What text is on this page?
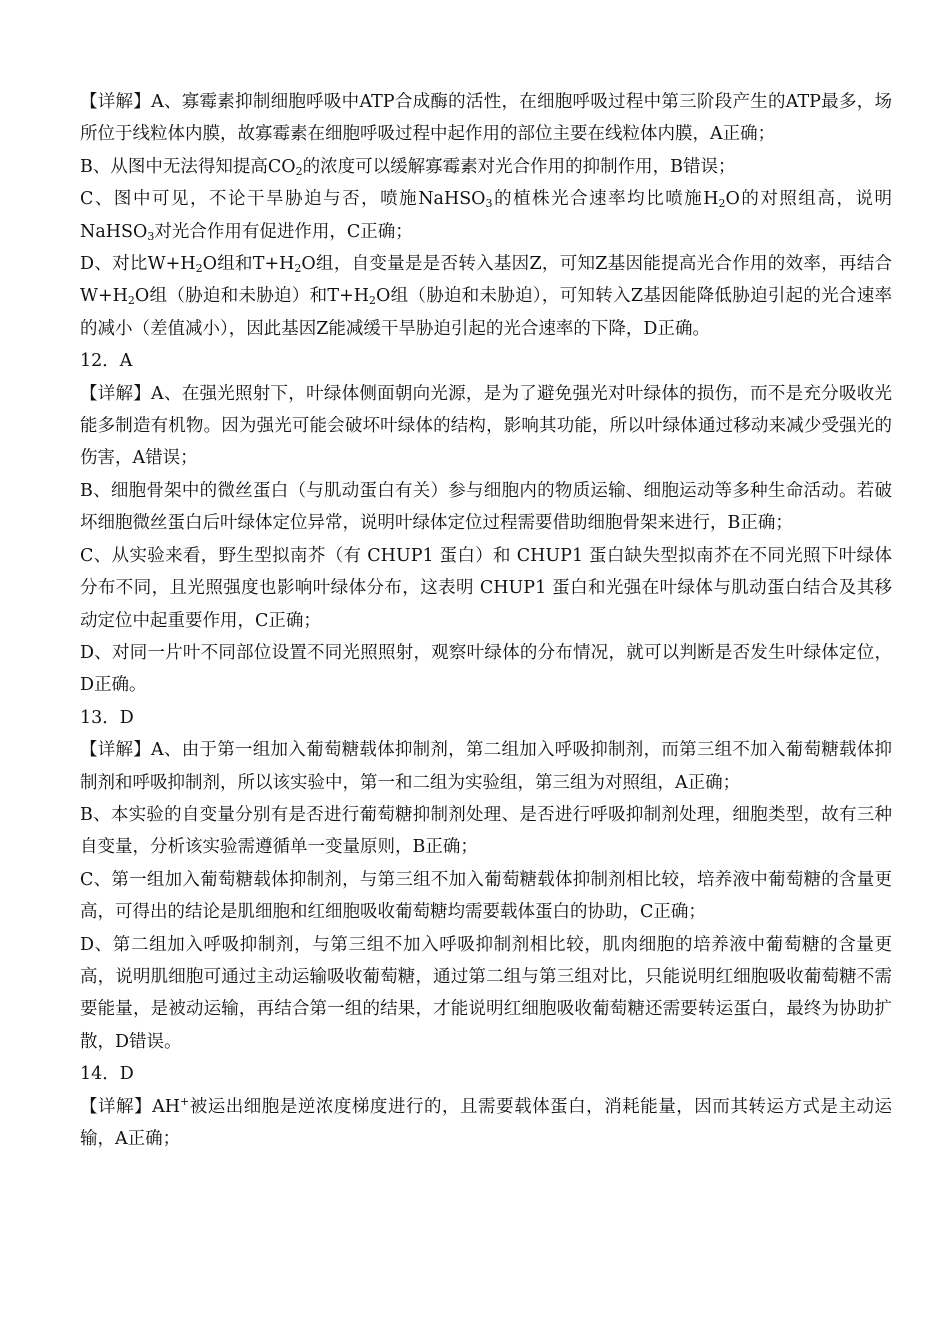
【详解】A、寡霉素抑制细胞呼吸中ATP合成酶的活性，在细胞呼吸过程中第三阶段产生的ATP最多，场所位于线粒体内膜，故寡霉素在细胞呼吸过程中起作用的部位主要在线粒体内膜，A正确；

B、从图中无法得知提高$CO_2$的浓度可以缓解寡霉素对光合作用的抑制作用，B错误；

C、图中可见，不论干旱胁迫与否，喷施NaHSO$_3$的植株光合速率均比喷施$H_2O$的对照组高，说明NaHSO$_3$对光合作用有促进作用，C正确；

D、对比$W+H_2O$组和$T+H_2O$组，自变量是是否转入基因Z，可知Z基因能提高光合作用的效率，再结合$W+H_2O$组（胁迫和未胁迫）和$T+H_2O$组（胁迫和未胁迫），可知转入Z基因能降低胁迫引起的光合速率的减小（差值减小），因此基因Z能减缓干旱胁迫引起的光合速率的下降，D正确。

12．A

【详解】A、在强光照射下，叶绿体侧面朝向光源，是为了避免强光对叶绿体的损伤，而不是充分吸收光能多制造有机物。因为强光可能会破坏叶绿体的结构，影响其功能，所以叶绿体通过移动来减少受强光的伤害，A错误；

B、细胞骨架中的微丝蛋白（与肌动蛋白有关）参与细胞内的物质运输、细胞运动等多种生命活动。若破坏细胞微丝蛋白后叶绿体定位异常，说明叶绿体定位过程需要借助细胞骨架来进行，B正确；

C、从实验来看，野生型拟南芥（有 CHUP1 蛋白）和 CHUP1 蛋白缺失型拟南芥在不同光照下叶绿体分布不同，且光照强度也影响叶绿体分布，这表明 CHUP1 蛋白和光强在叶绿体与肌动蛋白结合及其移动定位中起重要作用，C正确；

D、对同一片叶不同部位设置不同光照照射，观察叶绿体的分布情况，就可以判断是否发生叶绿体定位，D正确。

13．D

【详解】A、由于第一组加入葡萄糖载体抑制剂，第二组加入呼吸抑制剂，而第三组不加入葡萄糖载体抑制剂和呼吸抑制剂，所以该实验中，第一和二组为实验组，第三组为对照组，A正确；

B、本实验的自变量分别有是否进行葡萄糖抑制剂处理、是否进行呼吸抑制剂处理，细胞类型，故有三种自变量，分析该实验需遵循单一变量原则，B正确；

C、第一组加入葡萄糖载体抑制剂，与第三组不加入葡萄糖载体抑制剂相比较，培养液中葡萄糖的含量更高，可得出的结论是肌细胞和红细胞吸收葡萄糖均需要载体蛋白的协助，C正确；

D、第二组加入呼吸抑制剂，与第三组不加入呼吸抑制剂相比较，肌肉细胞的培养液中葡萄糖的含量更高，说明肌细胞可通过主动运输吸收葡萄糖，通过第二组与第三组对比，只能说明红细胞吸收葡萄糖不需要能量，是被动运输，再结合第一组的结果，才能说明红细胞吸收葡萄糖还需要转运蛋白，最终为协助扩散，D错误。

14．D

【详解】AH+被运出细胞是逆浓度梯度进行的，且需要载体蛋白，消耗能量，因而其转运方式是主动运输，A正确；
